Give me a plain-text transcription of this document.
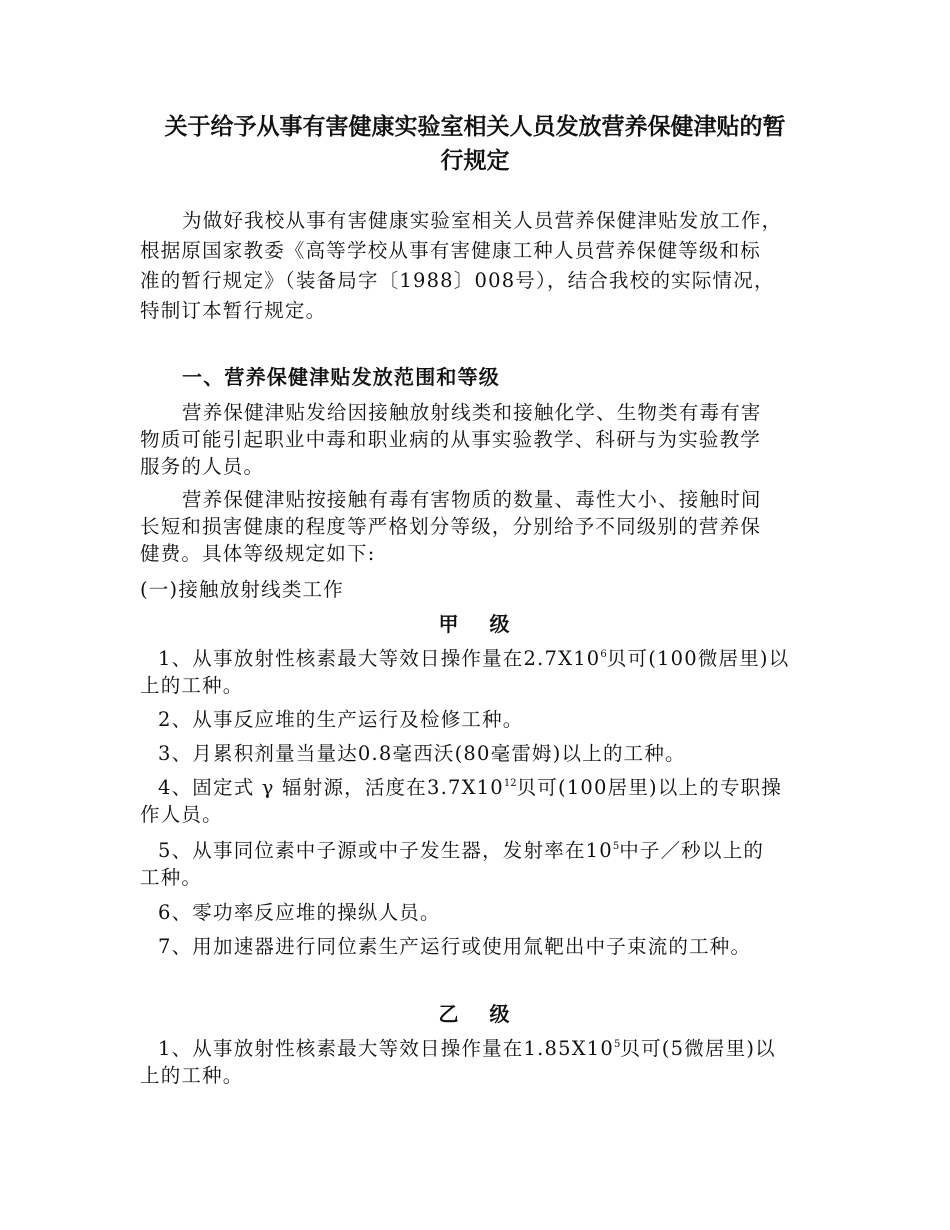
关于给予从事有害健康实验室相关人员发放营养保健津贴的暂
行规定
为做好我校从事有害健康实验室相关人员营养保健津贴发放工作，
根据原国家教委《高等学校从事有害健康工种人员营养保健等级和标
准的暂行规定》（装备局字〔1988〕008号），结合我校的实际情况，
特制订本暂行规定。
一、营养保健津贴发放范围和等级
营养保健津贴发给因接触放射线类和接触化学、生物类有毒有害
物质可能引起职业中毒和职业病的从事实验教学、科研与为实验教学
服务的人员。
营养保健津贴按接触有毒有害物质的数量、毒性大小、接触时间
长短和损害健康的程度等严格划分等级，分别给予不同级别的营养保
健费。具体等级规定如下:
(一)接触放射线类工作
甲 级
1、从事放射性核素最大等效日操作量在$2.7X10^6$贝可(100微居里)以
上的工种。
2、从事反应堆的生产运行及检修工种。
3、月累积剂量当量达0.8毫西沃(80毫雷姆)以上的工种。
4、固定式 γ 辐射源，活度在$3.7X10^{12}$贝可(100居里)以上的专职操
作人员。
5、从事同位素中子源或中子发生器，发射率在$10^5$中子／秒以上的
工种。
6、零功率反应堆的操纵人员。
7、用加速器进行同位素生产运行或使用氚靶出中子束流的工种。
乙 级
1、从事放射性核素最大等效日操作量在$1.85X10^5$贝可(5微居里)以
上的工种。
